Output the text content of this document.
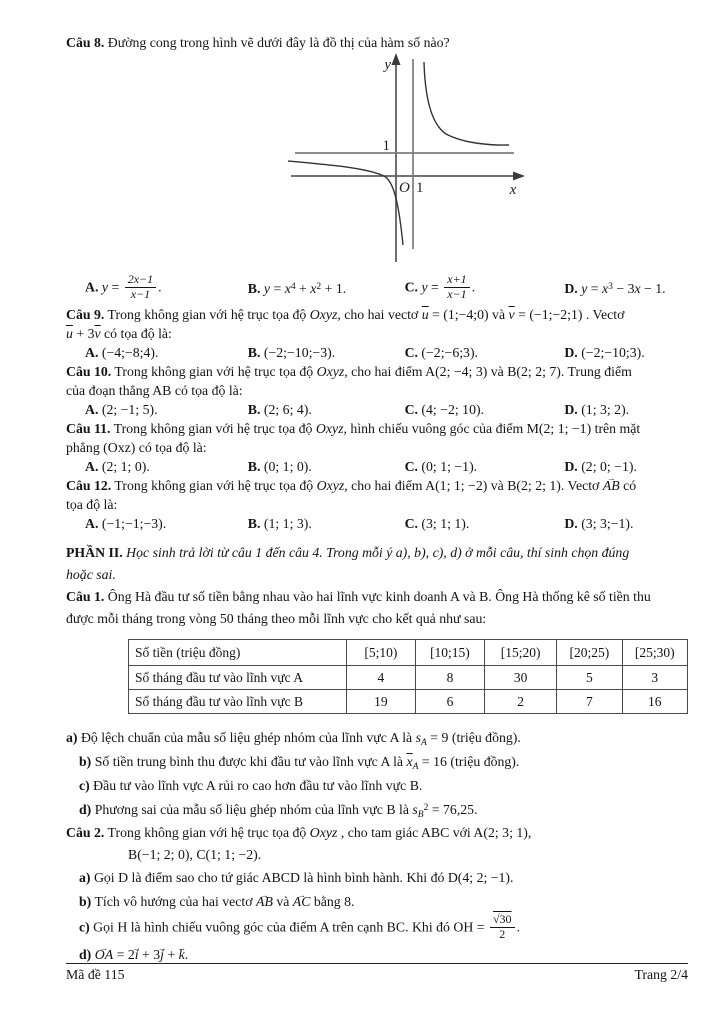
Câu 8. Đường cong trong hình vẽ dưới đây là đồ thị của hàm số nào?

y
1
O 1	x
A. $y = \frac{2x-1}{x-1}$ .	B. $y = x^4 + x^2 + 1$.	C. $y = \frac{x+1}{x-1}$ .	D. $y = x^3 - 3x - 1$.

Câu 9. Trong không gian với hệ trục tọa độ Oxyz, cho hai vectơ $\overline{u}$ = (1;−4;0) và $\overline{v}$ = (−1;−2;1) . Vectơ

$\overline{u} + 3\overline{v}$ có tọa độ là:

A. (−4;−8;4).	B. (−2;−10;−3).	C. (−2;−6;3).	D. (−2;−10;3).

Câu 10. Trong không gian với hệ trục tọa độ Oxyz, cho hai điểm A(2; −4; 3) và B(2; 2; 7). Trung điểm

của đoạn thẳng AB có tọa độ là:

A. (2; −1; 5).	B. (2; 6; 4).	C. (4; −2; 10).	D. (1; 3; 2).

Câu 11. Trong không gian với hệ trục tọa độ Oxyz, hình chiếu vuông góc của điểm M(2; 1; −1) trên mặt

phẳng (Oxz) có tọa độ là:

A. (2; 1; 0).	B. (0; 1; 0).	C. (0; 1; −1).	D. (2; 0; −1).

Câu 12. Trong không gian với hệ trục tọa độ Oxyz, cho hai điểm A(1; 1; −2) và B(2; 2; 1). Vectơ AB → có

tọa độ là:

A. (−1;−1;−3).	B. (1; 1; 3).	C. (3; 1; 1).	D. (3; 3;−1).

PHẦN II. Học sinh trả lời từ câu 1 đến câu 4. Trong mỗi ý a), b), c), d) ở mỗi câu, thí sinh chọn đúng

hoặc sai.

Câu 1. Ông Hà đầu tư số tiền bằng nhau vào hai lĩnh vực kinh doanh A và B. Ông Hà thống kê số tiền thu

được mỗi tháng trong vòng 50 tháng theo mỗi lĩnh vực cho kết quả như sau:

Số tiền (triệu đồng)	[5;10)	[10;15)	[15;20)	[20;25)	[25;30)
Số tháng đầu tư vào lĩnh vực A	4	8	30	5	3
Số tháng đầu tư vào lĩnh vực B	19	6	2	7	16

a) Độ lệch chuẩn của mẫu số liệu ghép nhóm của lĩnh vực A là $s_A = 9$ (triệu đồng).

b) Số tiền trung bình thu được khi đầu tư vào lĩnh vực A là $\overline{x}_A = 16$ (triệu đồng).

c) Đầu tư vào lĩnh vực A rủi ro cao hơn đầu tư vào lĩnh vực B.

d) Phương sai của mẫu số liệu ghép nhóm của lĩnh vực B là $s_B^2 = 76,25$.

Câu 2. Trong không gian với hệ trục tọa độ Oxyz , cho tam giác ABC với A(2; 3; 1),

B(−1; 2; 0), C(1; 1; −2).

a) Gọi D là điểm sao cho tứ giác ABCD là hình bình hành. Khi đó D(4; 2; −1).

b) Tích vô hướng của hai vectơ AB → và AC → bằng 8.

c) Gọi H là hình chiếu vuông góc của điểm A trên cạnh BC. Khi đó OH = $\frac{√30}{2}$ .

d) OA → = 2i → + 3j → + k →.

Mã đề 115	Trang 2/4
